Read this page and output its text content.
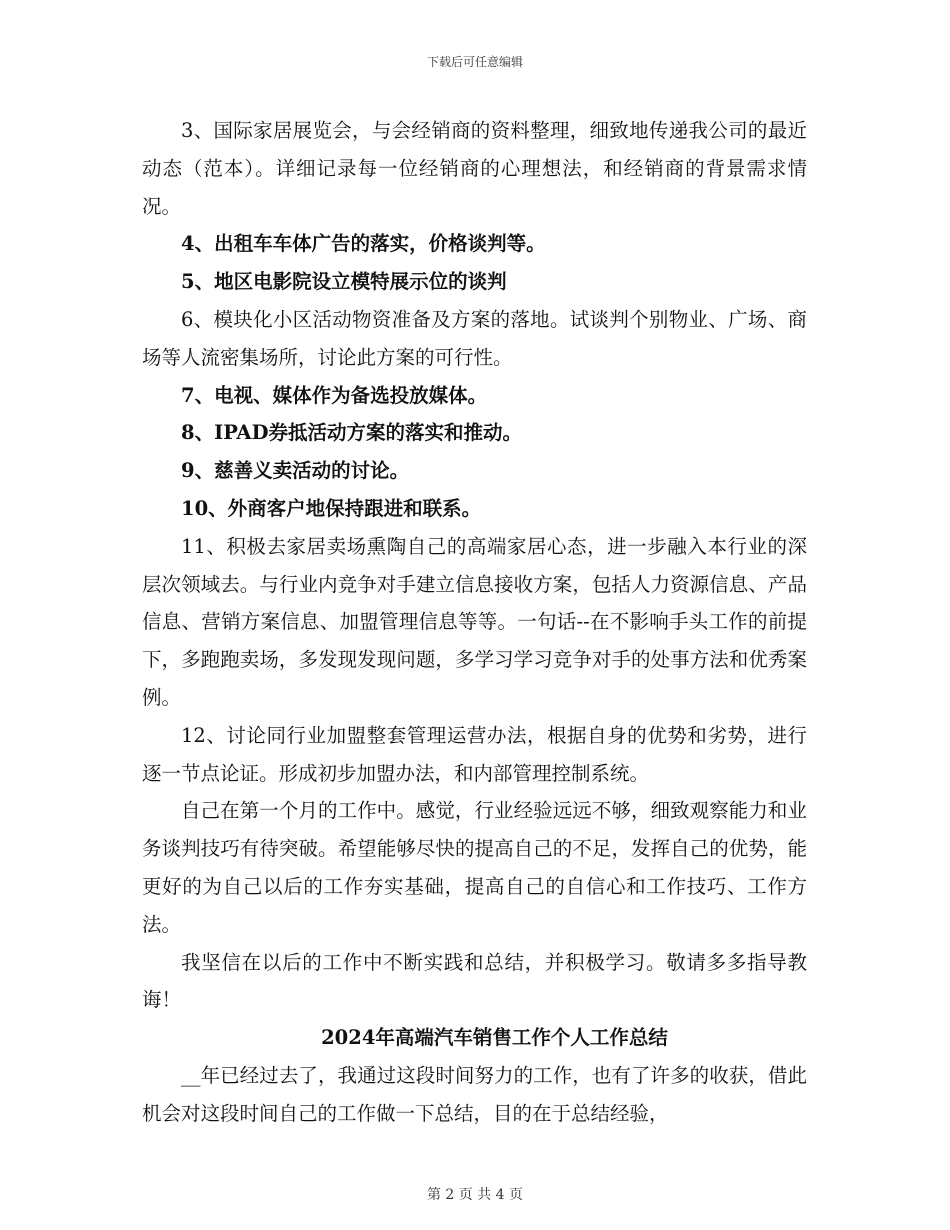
下载后可任意编辑

3、国际家居展览会，与会经销商的资料整理，细致地传递我公司的最近动态（范本）。详细记录每一位经销商的心理想法，和经销商的背景需求情况。

4、出租车车体广告的落实，价格谈判等。

5、地区电影院设立模特展示位的谈判

6、模块化小区活动物资准备及方案的落地。试谈判个别物业、广场、商场等人流密集场所，讨论此方案的可行性。

7、电视、媒体作为备选投放媒体。

8、IPAD券抵活动方案的落实和推动。

9、慈善义卖活动的讨论。

10、外商客户地保持跟进和联系。

11、积极去家居卖场熏陶自己的高端家居心态，进一步融入本行业的深层次领域去。与行业内竞争对手建立信息接收方案，包括人力资源信息、产品信息、营销方案信息、加盟管理信息等等。一句话--在不影响手头工作的前提下，多跑跑卖场，多发现发现问题，多学习学习竞争对手的处事方法和优秀案例。

12、讨论同行业加盟整套管理运营办法，根据自身的优势和劣势，进行逐一节点论证。形成初步加盟办法，和内部管理控制系统。

自己在第一个月的工作中。感觉，行业经验远远不够，细致观察能力和业务谈判技巧有待突破。希望能够尽快的提高自己的不足，发挥自己的优势，能更好的为自己以后的工作夯实基础，提高自己的自信心和工作技巧、工作方法。

我坚信在以后的工作中不断实践和总结，并积极学习。敬请多多指导教诲！

2024年高端汽车销售工作个人工作总结

__年已经过去了，我通过这段时间努力的工作，也有了许多的收获，借此机会对这段时间自己的工作做一下总结，目的在于总结经验，

第 2 页 共 4 页
